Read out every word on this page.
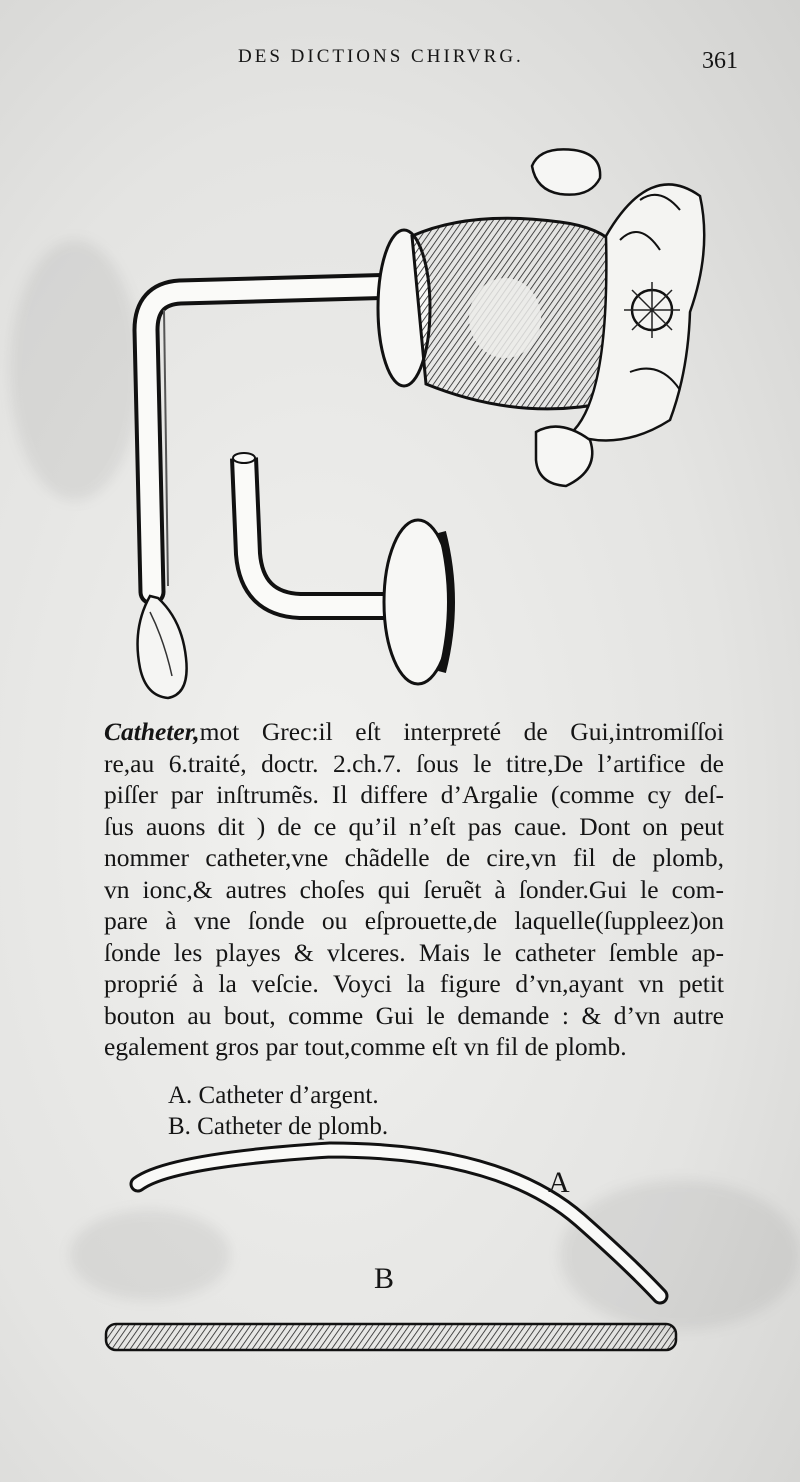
DES DICTIONS CHIRVRG.	361
Catheter,mot Grec:il eſt interpreté de Gui,intromiſſoi
re,au 6.traité, doctr. 2.ch.7. ſous le titre,De l’artifice de
piſſer par inſtrumẽs. Il differe d’Argalie (comme cy deſ-
ſus auons dit ) de ce qu’il n’eſt pas caue. Dont on peut
nommer catheter,vne chãdelle de cire,vn fil de plomb,
vn ionc,& autres choſes qui ſeruẽt à ſonder.Gui le com-
pare à vne ſonde ou eſprouette,de laquelle(ſuppleez)on
ſonde les playes & vlceres. Mais le catheter ſemble ap-
proprié à la veſcie. Voyci la figure d’vn,ayant vn petit
bouton au bout, comme Gui le demande : & d’vn autre
egalement gros par tout,comme eſt vn fil de plomb.
A. Catheter d’argent.
B. Catheter de plomb.
A
B
